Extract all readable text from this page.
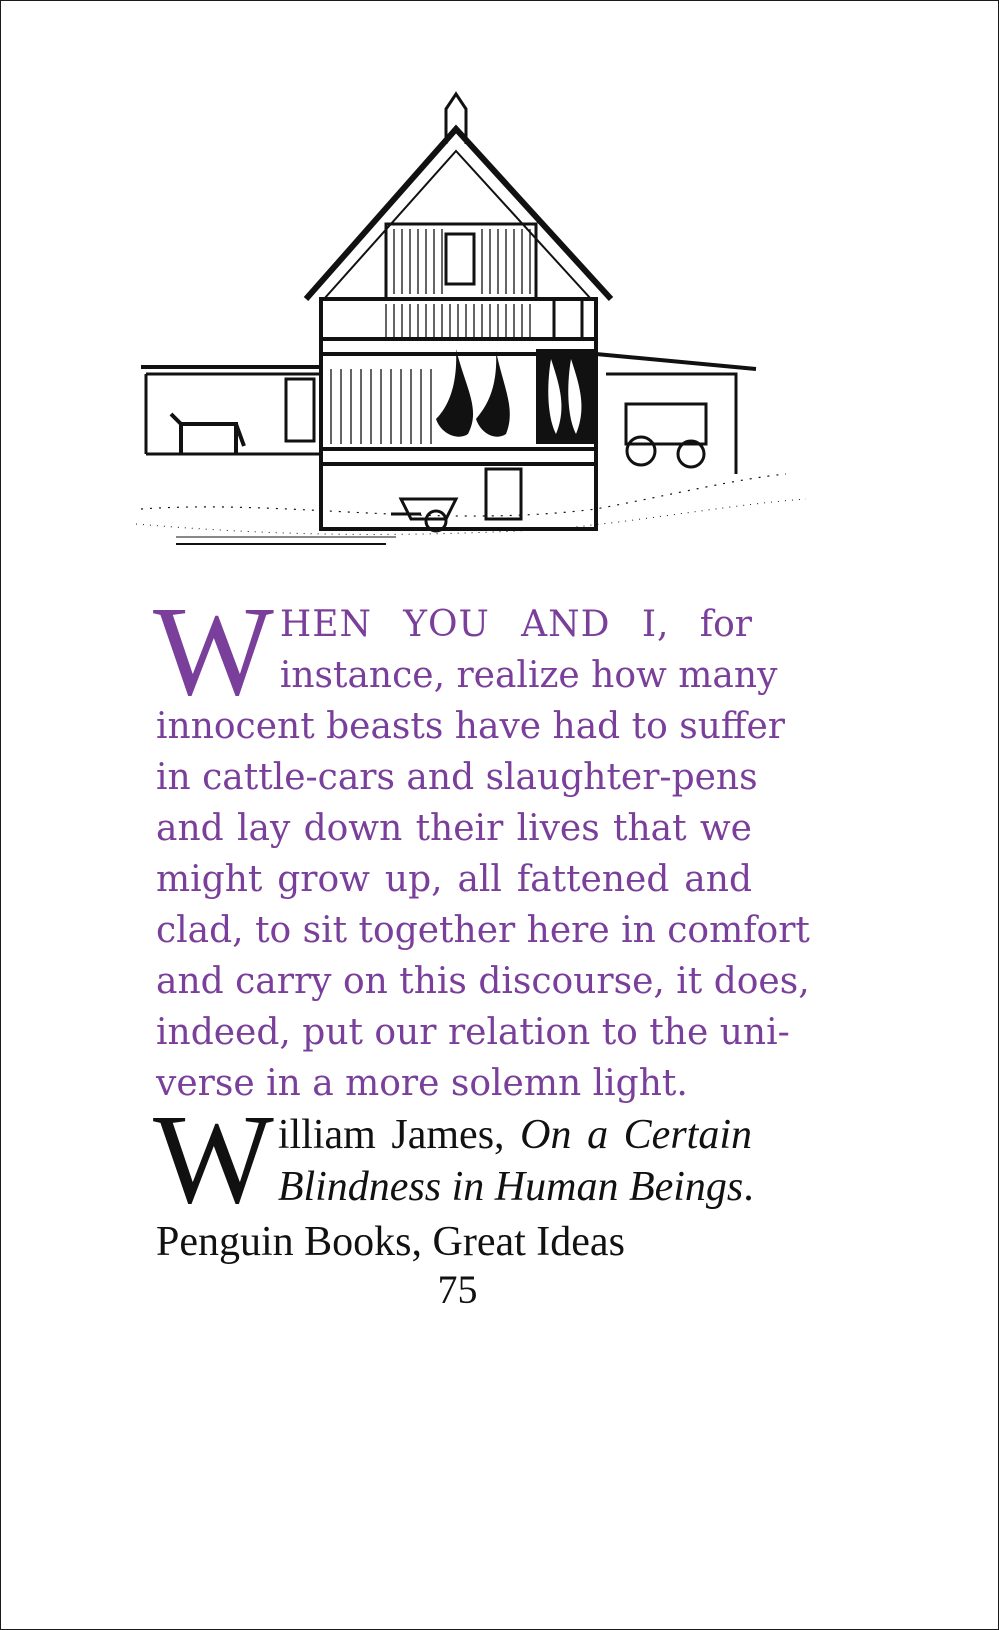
W HEN YOU AND I, for
instance, realize how many
innocent beasts have had to suffer
in cattle-cars and slaughter-pens
and lay down their lives that we
might grow up, all fattened and
clad, to sit together here in comfort
and carry on this discourse, it does,
indeed, put our relation to the uni-
verse in a more solemn light.
W illiam James, On a Certain
Blindness in Human Beings.
Penguin Books, Great Ideas
75
